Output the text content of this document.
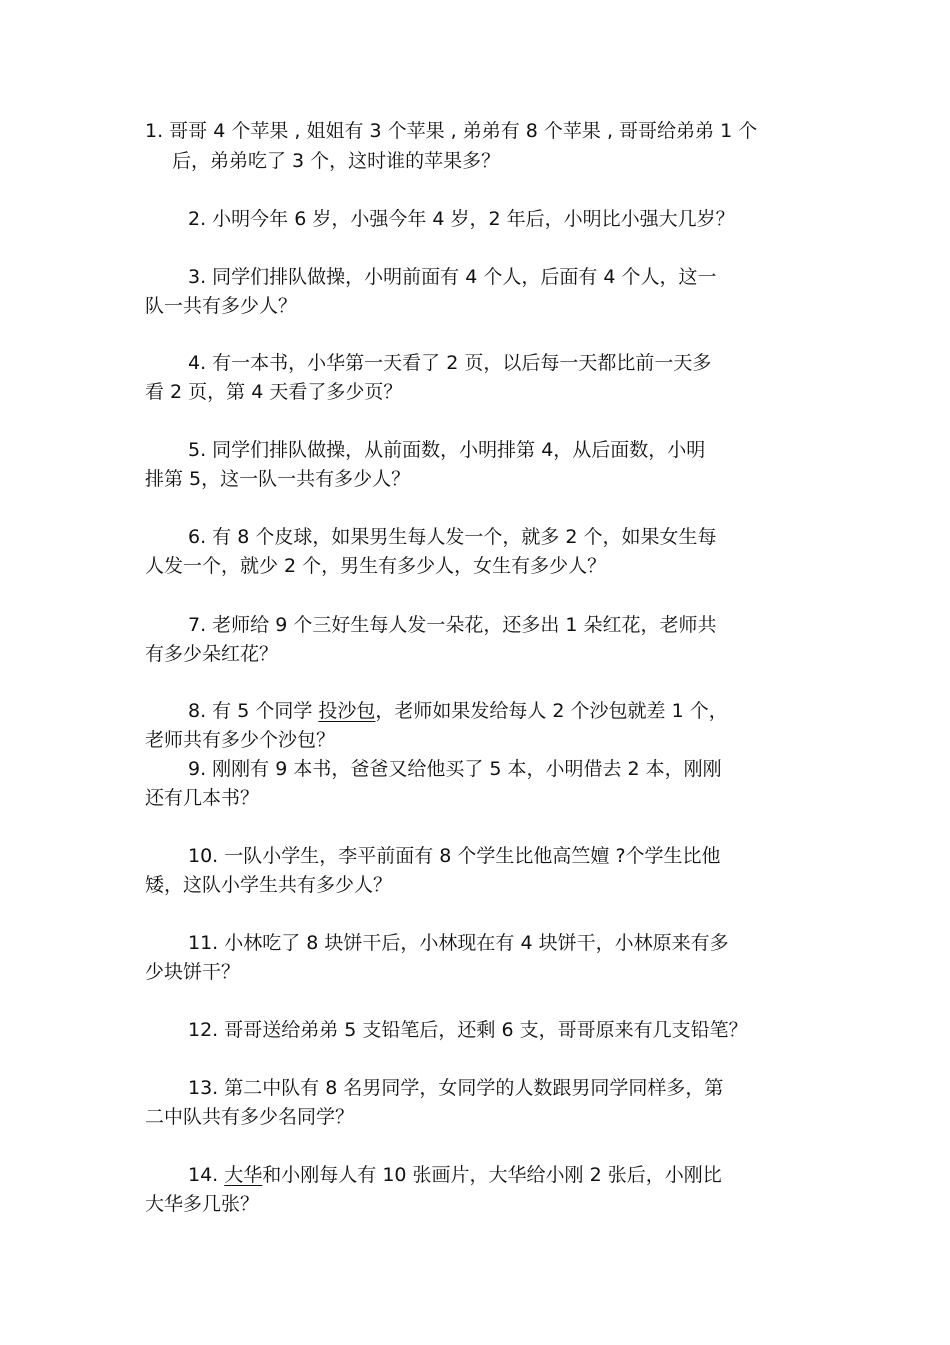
1. 哥哥 4 个苹果 , 姐姐有 3 个苹果 , 弟弟有 8 个苹果 , 哥哥给弟弟 1 个
后，弟弟吃了 3 个，这时谁的苹果多？
2. 小明今年 6 岁，小强今年 4 岁，2 年后，小明比小强大几岁？
3. 同学们排队做操，小明前面有 4 个人，后面有 4 个人，这一
队一共有多少人？
4. 有一本书，小华第一天看了 2 页，以后每一天都比前一天多
看 2 页，第 4 天看了多少页？
5. 同学们排队做操，从前面数，小明排第 4，从后面数，小明
排第 5，这一队一共有多少人？
6. 有 8 个皮球，如果男生每人发一个，就多 2 个，如果女生每
人发一个，就少 2 个，男生有多少人，女生有多少人？
7. 老师给 9 个三好生每人发一朵花，还多出 1 朵红花，老师共
有多少朵红花？
8. 有 5 个同学 投沙包，老师如果发给每人 2 个沙包就差 1 个，
老师共有多少个沙包？
9. 刚刚有 9 本书，爸爸又给他买了 5 本，小明借去 2 本，刚刚
还有几本书？
10. 一队小学生，李平前面有 8 个学生比他高竺嬗 ?个学生比他
矮，这队小学生共有多少人？
11. 小林吃了 8 块饼干后，小林现在有 4 块饼干，小林原来有多
少块饼干？
12. 哥哥送给弟弟 5 支铅笔后，还剩 6 支，哥哥原来有几支铅笔？
13. 第二中队有 8 名男同学，女同学的人数跟男同学同样多，第
二中队共有多少名同学？
14. 大华和小刚每人有 10 张画片，大华给小刚 2 张后，小刚比
大华多几张？
